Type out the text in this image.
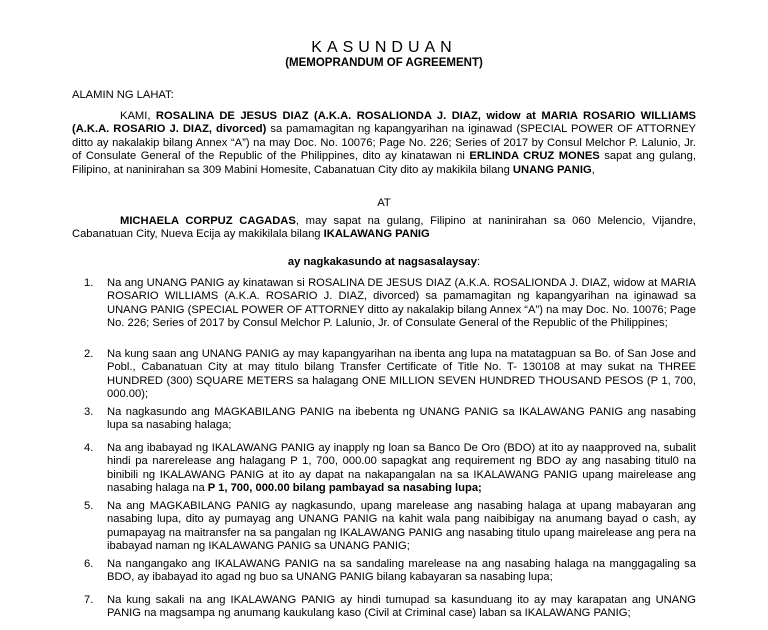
KASUNDUAN
(MEMOPRANDUM OF AGREEMENT)
ALAMIN NG LAHAT:
KAMI, ROSALINA DE JESUS DIAZ (A.K.A. ROSALIONDA J. DIAZ, widow at MARIA ROSARIO WILLIAMS (A.K.A. ROSARIO J. DIAZ, divorced) sa pamamagitan ng kapangyarihan na iginawad (SPECIAL POWER OF ATTORNEY ditto ay nakalakip bilang Annex “A”) na may Doc. No. 10076; Page No. 226; Series of 2017 by Consul Melchor P. Lalunio, Jr. of Consulate General of the Republic of the Philippines, dito ay kinatawan ni ERLINDA CRUZ MONES sapat ang gulang, Filipino, at naninirahan sa 309 Mabini Homesite, Cabanatuan City dito ay makikila bilang UNANG PANIG,
AT
MICHAELA CORPUZ CAGADAS, may sapat na gulang, Filipino at naninirahan sa 060 Melencio, Vijandre, Cabanatuan City, Nueva Ecija ay makikilala bilang IKALAWANG PANIG
ay nagkakasundo at nagsasalaysay:
1.	Na ang UNANG PANIG ay kinatawan si ROSALINA DE JESUS DIAZ (A.K.A. ROSALIONDA J. DIAZ, widow at MARIA ROSARIO WILLIAMS (A.K.A. ROSARIO J. DIAZ, divorced) sa pamamagitan ng kapangyarihan na iginawad sa UNANG PANIG (SPECIAL POWER OF ATTORNEY ditto ay nakalakip bilang Annex “A”) na may Doc. No. 10076; Page No. 226; Series of 2017 by Consul Melchor P. Lalunio, Jr. of Consulate General of the Republic of the Philippines;
2.	Na kung saan ang UNANG PANIG ay may kapangyarihan na ibenta ang lupa na matatagpuan sa Bo. of San Jose and Pobl., Cabanatuan City at may titulo bilang Transfer Certificate of Title No. T- 130108 at may sukat na THREE HUNDRED (300) SQUARE METERS sa halagang ONE MILLION SEVEN HUNDRED THOUSAND PESOS (P 1, 700, 000.00);
3.	Na nagkasundo ang MAGKABILANG PANIG na ibebenta ng UNANG PANIG sa IKALAWANG PANIG ang nasabing lupa sa nasabing halaga;
4.	Na ang ibabayad ng IKALAWANG PANIG ay inapply ng loan sa Banco De Oro (BDO) at ito ay naapproved na, subalit hindi pa narerelease ang halagang P 1, 700, 000.00 sapagkat ang requirement ng BDO ay ang nasabing titul0 na binibili ng IKALAWANG PANIG at ito ay dapat na nakapangalan na sa IKALAWANG PANIG upang mairelease ang nasabing halaga na P 1, 700, 000.00 bilang pambayad sa nasabing lupa;
5.	Na ang MAGKABILANG PANIG ay nagkasundo, upang marelease ang nasabing halaga at upang mabayaran ang nasabing lupa, dito ay pumayag ang UNANG PANIG na kahit wala pang naibibigay na anumang bayad o cash, ay pumapayag na maitransfer na sa pangalan ng IKALAWANG PANIG ang nasabing titulo upang mairelease ang pera na ibabayad naman ng IKALAWANG PANIG sa UNANG PANIG;
6.	Na nangangako ang IKALAWANG PANIG na sa sandaling marelease na ang nasabing halaga na manggagaling sa BDO, ay ibabayad ito agad ng buo sa UNANG PANIG bilang kabayaran sa nasabing lupa;
7.	Na kung sakali na ang IKALAWANG PANIG ay hindi tumupad sa kasunduang ito ay may karapatan ang UNANG PANIG na magsampa ng anumang kaukulang kaso (Civil at Criminal case) laban sa IKALAWANG PANIG;
